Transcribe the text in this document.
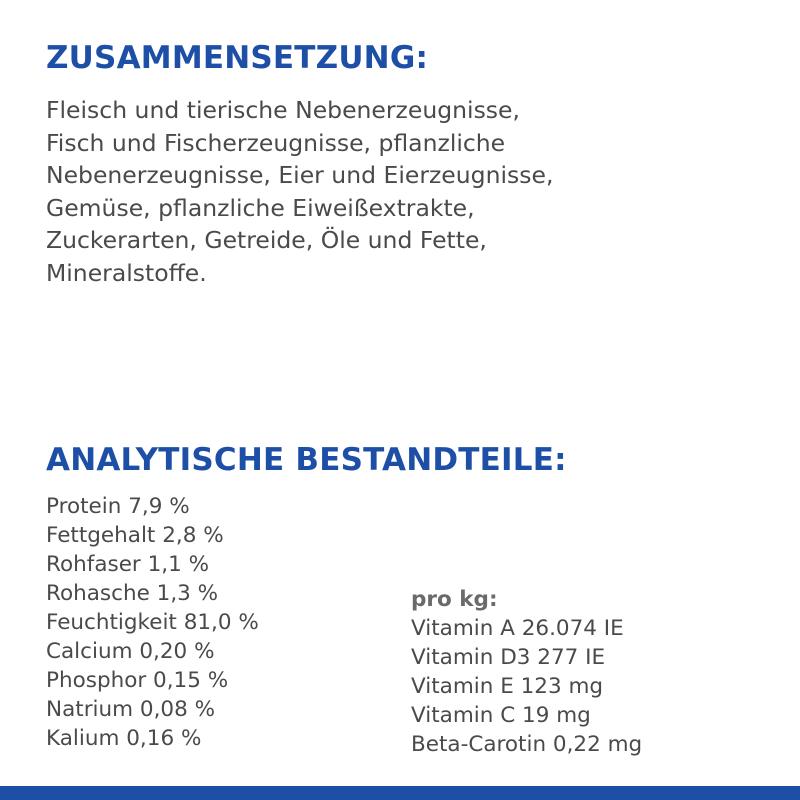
ZUSAMMENSETZUNG:
Fleisch und tierische Nebenerzeugnisse,
Fisch und Fischerzeugnisse, pflanzliche
Nebenerzeugnisse, Eier und Eierzeugnisse,
Gemüse, pflanzliche Eiweißextrakte,
Zuckerarten, Getreide, Öle und Fette,
Mineralstoffe.
ANALYTISCHE BESTANDTEILE:
Protein 7,9 %
Fettgehalt 2,8 %
Rohfaser 1,1 %
Rohasche 1,3 %
Feuchtigkeit 81,0 %
Calcium 0,20 %
Phosphor 0,15 %
Natrium 0,08 %
Kalium 0,16 %
pro kg:
Vitamin A 26.074 IE
Vitamin D3 277 IE
Vitamin E 123 mg
Vitamin C 19 mg
Beta-Carotin 0,22 mg
